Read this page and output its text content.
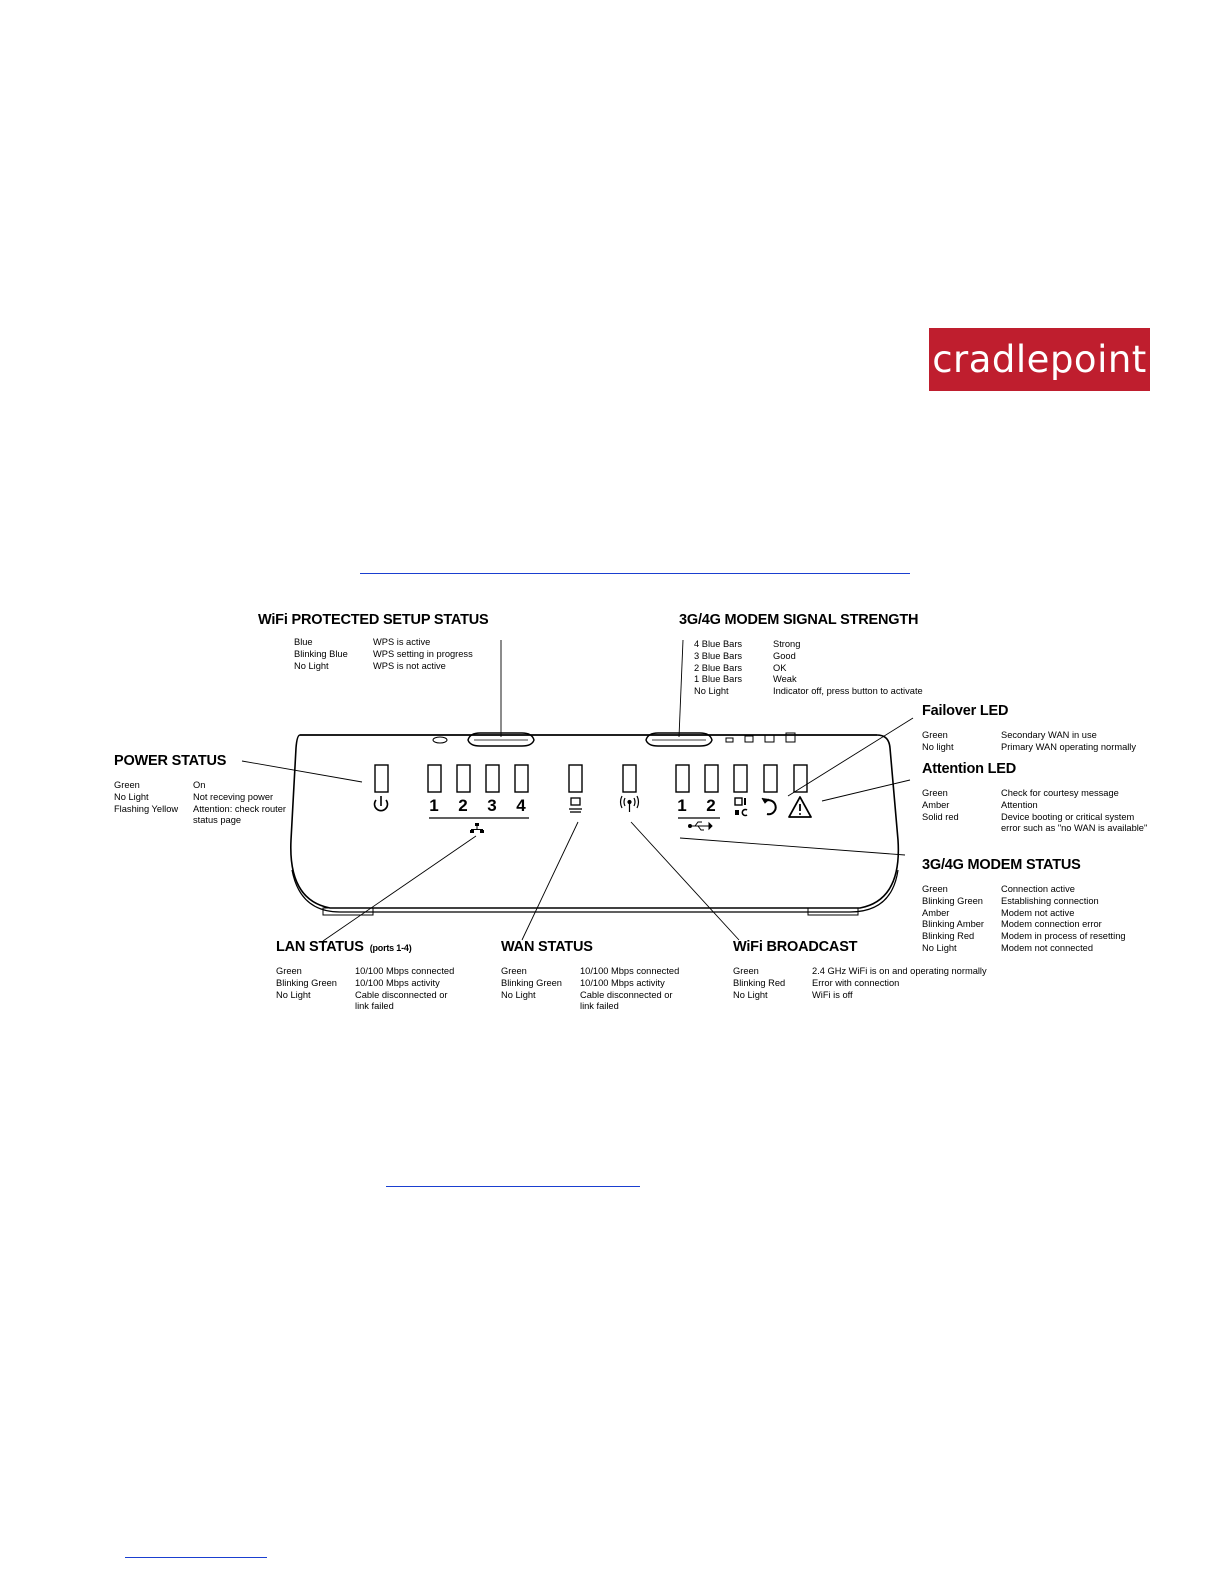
cradlepoint
1	2	3	4	1	2
WiFi PROTECTED SETUP STATUS
Blue	WPS is active
Blinking Blue	WPS setting in progress
No Light	WPS is not active
3G/4G MODEM SIGNAL STRENGTH
4 Blue Bars	Strong
3 Blue Bars	Good
2 Blue Bars	OK
1 Blue Bars	Weak
No Light	Indicator off, press button to activate
Failover LED
Green	Secondary WAN in use
No light	Primary WAN operating normally
Attention LED
Green	Check for courtesy message
Amber	Attention
Solid red	Device booting or critical system error such as "no WAN is available"
POWER STATUS
Green	On
No Light	Not receving power
Flashing Yellow	Attention: check router status page
3G/4G MODEM STATUS
Green	Connection active
Blinking Green	Establishing connection
Amber	Modem not active
Blinking Amber	Modem connection error
Blinking Red	Modem in process of resetting
No Light	Modem not connected
LAN STATUS (ports 1-4)
Green	10/100 Mbps connected
Blinking Green	10/100 Mbps activity
No Light	Cable disconnected or link failed
WAN STATUS
Green	10/100 Mbps connected
Blinking Green	10/100 Mbps activity
No Light	Cable disconnected or link failed
WiFi BROADCAST
Green	2.4 GHz WiFi is on and operating normally
Blinking Red	Error with connection
No Light	WiFi is off
